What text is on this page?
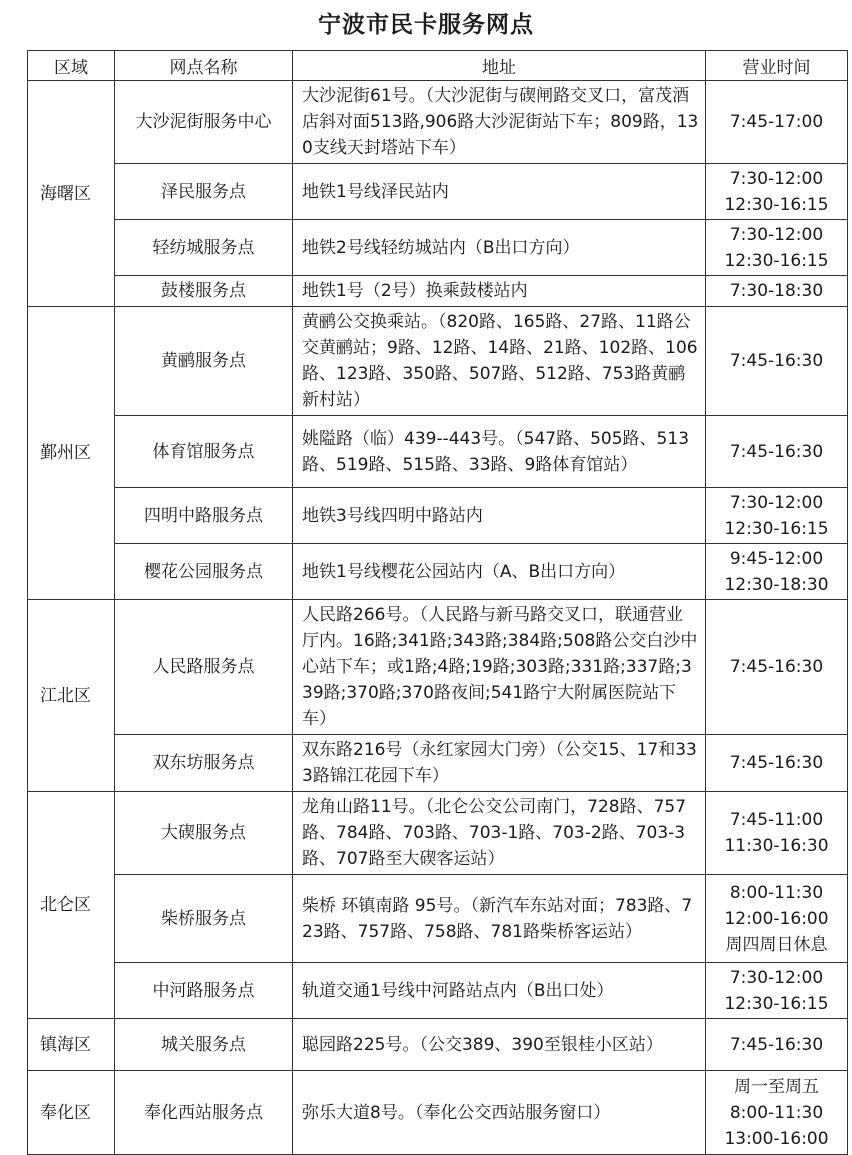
宁波市民卡服务网点
区域	网点名称	地址	营业时间
海曙区	大沙泥街服务中心	大沙泥街61号。（大沙泥街与碶闸路交叉口，富茂酒店斜对面513路,906路大沙泥街站下车；809路，130支线天封塔站下车）	7:45-17:00

	泽民服务点	地铁1号线泽民站内	7:30-12:00
12:30-16:15

	轻纺城服务点	地铁2号线轻纺城站内（B出口方向）	7:30-12:00
12:30-16:15

	鼓楼服务点	地铁1号（2号）换乘鼓楼站内	7:30-18:30

鄞州区	黄鹂服务点	黄鹂公交换乘站。（820路、165路、27路、11路公交黄鹂站；9路、12路、14路、21路、102路、106路、123路、350路、507路、512路、753路黄鹂新村站）	7:45-16:30

	体育馆服务点	姚隘路（临）439--443号。（547路、505路、513路、519路、515路、33路、9路体育馆站）	7:45-16:30

	四明中路服务点	地铁3号线四明中路站内	7:30-12:00
12:30-16:15

	樱花公园服务点	地铁1号线樱花公园站内（A、B出口方向）	9:45-12:00
12:30-18:30

江北区	人民路服务点	人民路266号。（人民路与新马路交叉口，联通营业厅内。16路;341路;343路;384路;508路公交白沙中心站下车；或1路;4路;19路;303路;331路;337路;339路;370路;370路夜间;541路宁大附属医院站下车）	7:45-16:30

	双东坊服务点	双东路216号（永红家园大门旁）（公交15、17和333路锦江花园下车）	7:45-16:30

北仑区	大碶服务点	龙角山路11号。（北仑公交公司南门，728路、757路、784路、703路、703-1路、703-2路、703-3路、707路至大碶客运站）	7:45-11:00
11:30-16:30

	柴桥服务点	柴桥 环镇南路 95号。（新汽车东站对面；783路、723路、757路、758路、781路柴桥客运站）	8:00-11:30
12:00-16:00
周四周日休息

	中河路服务点	轨道交通1号线中河路站点内（B出口处）	7:30-12:00
12:30-16:15

镇海区	城关服务点	聪园路225号。（公交389、390至银桂小区站）	7:45-16:30

奉化区	奉化西站服务点	弥乐大道8号。（奉化公交西站服务窗口）	周一至周五
8:00-11:30
13:00-16:00
